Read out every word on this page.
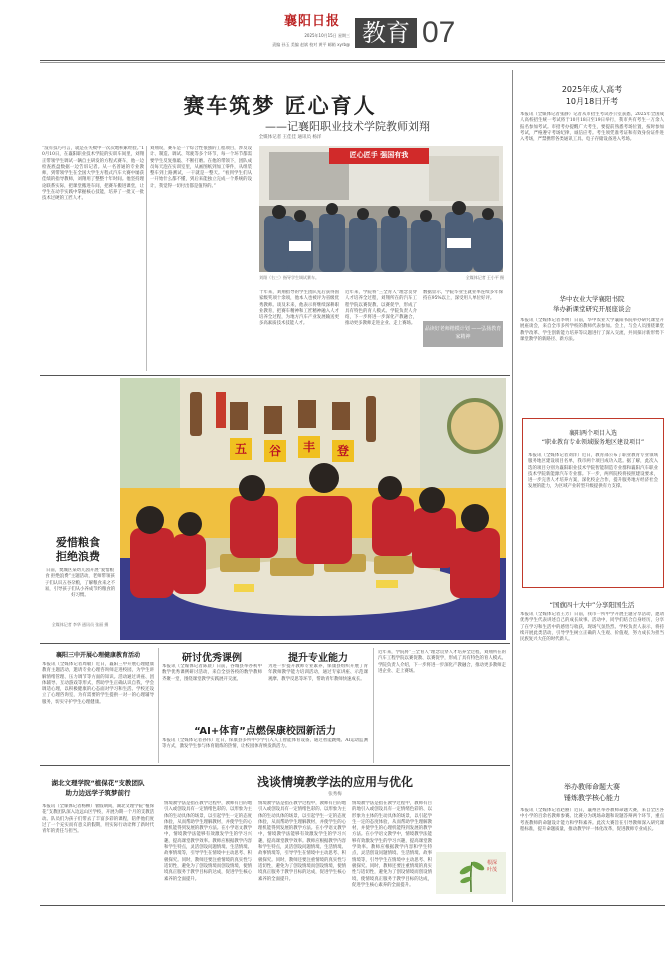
襄阳日报
2025年10月15日 星期三
责编 孙玉 美编 赵斌 校对 黄平 邮箱 xyrb@ 教育 07
赛车筑梦 匠心育人
——记襄阳职业技术学院教师刘翔
全媒体记者 王佳佳 通讯员 杨洋
“没有技巧可言，就是在失败中一次次地积累经验。”10月10日，在襄阳职业技术学院的实训车间里，刘翔正带领学生调试一辆自主研发的方程式赛车，他一边检查底盘数据一边告诉记者。从一名普通的专业教师，到带领学生在全国大学生方程式汽车大赛中屡获佳绩的指导教师，刘翔用了整整十年时间。他坚持理论联系实际，把课堂搬进车间，把赛车搬进课堂，让学生在动手实践中掌握核心技能，培养了一批又一批技术过硬的工匠人才。
刘翔说，赛车是一个综合性很强的工程项目，涉及设计、制造、调试、驾驶等多个环节，每一个环节都需要学生反复推敲、不断打磨。在他的带领下，团队成员每天泡在实训室里，从画图纸到加工零件，从组装整车到上路测试，一干就是一整天。“看到学生们从一开始什么都不懂，到后来能独立完成一个系统的设计，我觉得一切付出都是值得的。”
匠心匠手 强国有我
刘翔（右三）指导学生调试赛车。	全媒体记者 王小平 摄
十年来，刘翔指导的学生团队先后获得国家级奖项十余项，他本人也被评为省级优秀教师。谈及未来，他表示将继续深耕职业教育，把赛车精神和工匠精神融入人才培养全过程，为地方汽车产业发展输送更多高素质技术技能人才。
近年来，学院将“三全育人”理念贯穿人才培养全过程，刘翔所在的汽车工程学院以赛促教、以赛促学，形成了具有特色的育人模式。学院负责人介绍，下一步将进一步深化产教融合，推动更多教师走进企业、走上赛场。
数据显示，学院毕业生就业率连续多年保持在95%以上，深受用人单位好评。
品读好老师楷模计划 ——弘扬教育家精神
五	谷	丰	登
爱惜粮食
拒绝浪费
日前，樊城区某幼儿园开展“爱惜粮食 拒绝浪费”主题活动，老师带领孩子们认识五谷杂粮，了解粮食来之不易，引导孩子们从小养成节约粮食的好习惯。
全媒体记者 李华 通讯员 张丽 摄
襄阳三中开展心理健康教育活动
本报讯（全媒体记者周敏）近日，襄阳三中开展心理健康教育主题活动，邀请专业心理咨询师走进校园，为学生讲解情绪管理、压力调节等方面的知识。活动通过讲座、团体辅导、互动游戏等形式，帮助学生正确认识自我，学会调适心理，以积极健康的心态面对学习和生活。学校还设立了心理咨询室，为有需要的学生提供一对一的心理辅导服务，切实守护学生心理健康。
研讨优秀课例
本报讯（全媒体记者陈晨）日前，谷城县举办初中数学优秀课例研讨活动，来自全县各校的数学教师齐聚一堂，围绕课堂教学实践展开交流。
提升专业能力
为进一步提升教师专业素养，保康县组织开展了青年教师教学能力培训活动，通过专家讲座、示范课观摩、教学反思等环节，帮助青年教师快速成长。
“AI+体育”点燃保康校园新活力
本报讯（全媒体记者孙伟）近日，保康县多所中小学引入人工智能体育设备，通过智能跳绳、AI运动监测等方式，激发学生参与体育锻炼的热情，让校园体育焕发新活力。
近年来，学院将“三全育人”理念贯穿人才培养全过程，刘翔所在的汽车工程学院以赛促教、以赛促学，形成了具有特色的育人模式。学院负责人介绍，下一步将进一步深化产教融合，推动更多教师走进企业、走上赛场。
湖北文理学院“植保花”支教团队
助力边远学子筑梦前行
本报讯（全媒体记者杨柳）暑假期间，湖北文理学院“植保花”支教团队深入边远山区学校，开展为期一个月的支教活动。队员们为孩子们带去了丰富多彩的课程，陪伴他们度过了一个充实而有意义的假期，用实际行动诠释了新时代青年的责任与担当。
浅谈情境教学法的应用与优化
张秀梅
情境教学法是指在教学过程中，教师有目的地引入或创设具有一定情绪色彩的、以形象为主体的生动具体的场景，以引起学生一定的态度体验，从而帮助学生理解教材，并使学生的心理机能得到发展的教学方法。在小学语文教学中，情境教学法能够有效激发学生的学习兴趣，提高课堂教学效率。教师应根据教学内容和学生特点，灵活创设问题情境、生活情境、故事情境等，引导学生在情境中主动思考、积极探究。同时，教师还要注重情境的真实性与适切性，避免为了创设情境而创设情境，使情境真正服务于教学目标的达成，促进学生核心素养的全面提升。
情境教学法是指在教学过程中，教师有目的地引入或创设具有一定情绪色彩的、以形象为主体的生动具体的场景，以引起学生一定的态度体验，从而帮助学生理解教材，并使学生的心理机能得到发展的教学方法。在小学语文教学中，情境教学法能够有效激发学生的学习兴趣，提高课堂教学效率。教师应根据教学内容和学生特点，灵活创设问题情境、生活情境、故事情境等，引导学生在情境中主动思考、积极探究。同时，教师还要注重情境的真实性与适切性，避免为了创设情境而创设情境，使情境真正服务于教学目标的达成，促进学生核心素养的全面提升。
情境教学法是指在教学过程中，教师有目的地引入或创设具有一定情绪色彩的、以形象为主体的生动具体的场景，以引起学生一定的态度体验，从而帮助学生理解教材，并使学生的心理机能得到发展的教学方法。在小学语文教学中，情境教学法能够有效激发学生的学习兴趣，提高课堂教学效率。教师应根据教学内容和学生特点，灵活创设问题情境、生活情境、故事情境等，引导学生在情境中主动思考、积极探究。同时，教师还要注重情境的真实性与适切性，避免为了创设情境而创设情境，使情境真正服务于教学目标的达成，促进学生核心素养的全面提升。
根深
叶茂
2025年成人高考
10月18日开考
本报讯（全媒体记者张静）记者从市招生考试办公室获悉，2025年全国成人高校招生统一考试将于10月18日至19日举行，我市共有考生一万余人报名参加考试。市招考办提醒广大考生，要提前熟悉考场位置，按时参加考试，严格遵守考场纪律，诚信应考。考生须凭准考证和有效身份证件进入考场，严禁携带各类通讯工具、电子存储设备进入考场。
华中农业大学襄阳书院
举办新课堂研究开展座谈会
本报讯（全媒体记者李明）日前，华中农业大学襄阳书院举办研究课堂开展座谈会，来自全市多所学校的教师代表参加。会上，与会人员围绕课堂教学改革、学生创新能力培养等议题进行了深入交流，共同探讨新形势下课堂教学的新路径、新方法。
襄阳两个项目入选
“职业教育专业领域服务地区建设项目”
本报讯（全媒体记者刘洋）近日，教育部公布了职业教育专业领域服务地区建设项目名单，我市两个项目成功入选。据了解，此次入选的项目分别为襄阳职业技术学院智能制造专业群和襄阳汽车职业技术学院新能源汽车专业群。下一步，两所院校将按照建设要求，进一步完善人才培养方案，深化校企合作，提升服务地方经济社会发展的能力，为区域产业转型升级提供有力支撑。
“国旗四十大中”分享阳国生活
本报讯（全媒体记者王芳）日前，我市一所中学开展主题分享活动，邀请优秀学生代表讲述自己的成长故事。活动中，同学们结合自身经历，分享了在学习和生活中的感悟与收获，现场气氛热烈。学校负责人表示，将持续开展此类活动，引导学生树立正确的人生观、价值观，努力成长为担当民族复兴大任的时代新人。
举办教师命题大赛
锤炼教学核心能力
本报讯（全媒体记者赵丽）近日，襄州区举办教师命题大赛，来自全区各中小学的百余名教师参赛。比赛分为现场命题和说题答辩两个环节，重点考查教师的命题设计能力和学科素养。此次大赛旨在引导教师深入研究课程标准，提升命题质量，推动教学评一体化改革，促进教师专业成长。
